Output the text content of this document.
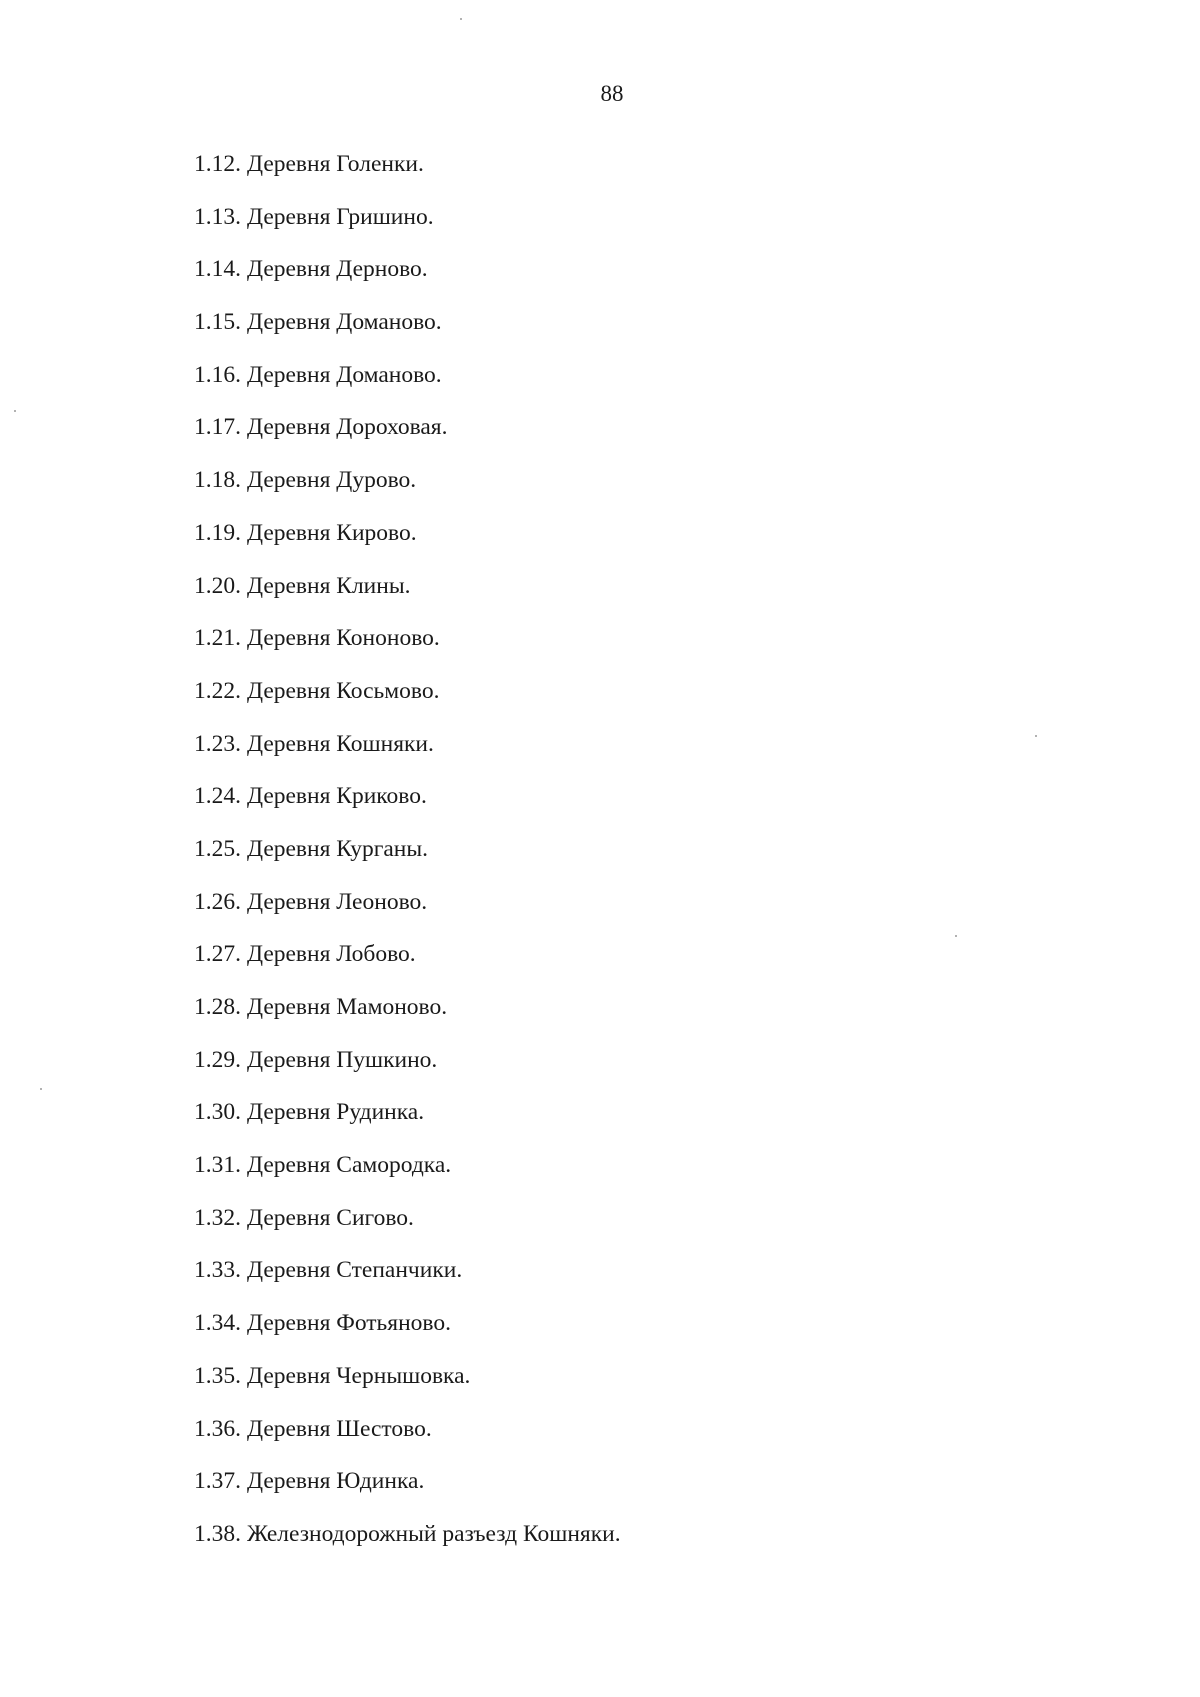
88
1.12. Деревня Голенки.
1.13. Деревня Гришино.
1.14. Деревня Дерново.
1.15. Деревня Доманово.
1.16. Деревня Доманово.
1.17. Деревня Дороховая.
1.18. Деревня Дурово.
1.19. Деревня Кирово.
1.20. Деревня Клины.
1.21. Деревня Кононово.
1.22. Деревня Косьмово.
1.23. Деревня Кошняки.
1.24. Деревня Криково.
1.25. Деревня Курганы.
1.26. Деревня Леоново.
1.27. Деревня Лобово.
1.28. Деревня Мамоново.
1.29. Деревня Пушкино.
1.30. Деревня Рудинка.
1.31. Деревня Самородка.
1.32. Деревня Сигово.
1.33. Деревня Степанчики.
1.34. Деревня Фотьяново.
1.35. Деревня Чернышовка.
1.36. Деревня Шестово.
1.37. Деревня Юдинка.
1.38. Железнодорожный разъезд Кошняки.
